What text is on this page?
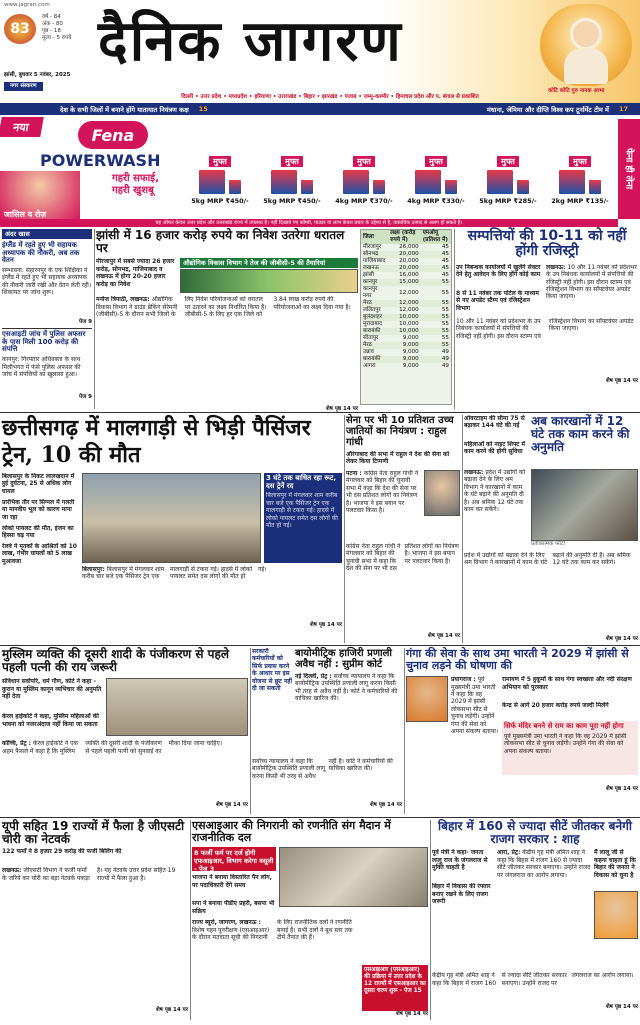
www.jagran.com
83
वर्ष - 84
अंक - 80
पृष्ठ - 18
मूल्य - 5 रुपये
झांसी, बुधवार 5 नवंबर, 2025
नगर संस्करण
दैनिक जागरण
कोटि कोटि गुरु नानक आभा
दिल्ली • उत्तर प्रदेश • मध्यप्रदेश • हरियाणा • उत्तराखंड • बिहार • झारखंड • पंजाब • जम्मू-कश्मीर • हिमाचल प्रदेश और प. बंगाल से प्रकाशित
देश के सभी जिलों में बनाने होंगे यातायात नियंत्रण कक्ष 15	मंधाना, जेमिमा और दीप्ति विश्व कप टूर्नामेंट टीम में 17
नया	Fena
POWERWASH
जासिल व रोज़
गहरी सफाई,
गहरी खुशबू
मुफ्त
5kg MRP ₹450/-
मुफ्त
5kg MRP ₹450/-
मुफ्त
4kg MRP ₹370/-
मुफ्त
4kg MRP ₹330/-
मुफ्त
5kg MRP ₹285/-
मुफ्त
2kg MRP ₹135/-
फेना ही लेना
यह ऑफर केवल उत्तर प्रदेश और उत्तराखंड राज्य में उपलब्ध है। नहीं दिखाये गए कॉम्बो, पाउडर या लाभ केवल प्रचार के उद्देश्य से है, वास्तविक उत्पाद से अलग हो सकते है।
अंदर खास
इंग्लैंड में रहते हुए भी सहायक अध्यापक की नौकरी, अब तक वेतन
सम्भावना: सहारनपुर के एक शिक्षिका ने इंग्लैंड में रहते हुए भी सहायक अध्यापक की नौकरी जारी रखी और वेतन लेती रही। शिकायत पर जांच शुरू।
पेज 9
एसआइटी जांच में पुलिस अफसर के पास मिली 100 करोड़ की संपत्ति
कानपुर: गिरफ्तार अधिवक्ता के साथ मिलीभगत में फंसे पुलिस अफसर की जांच में संपत्तियों का खुलासा हुआ।
पेज 9
झांसी में 16 हजार करोड़ रुपये का निवेश उतरेगा धरातल पर
मीरजापुर में सबसे ज्यादा 26 हजार करोड़, सोनभद्र, गाजियाबाद व लखनऊ में होगा 20-20 हजार करोड़ का निवेश
औद्योगिक विकास विभाग ने तेज की जीबीसी-5 की तैयारियां
मनोज त्रिपाठी, लखनऊ: औद्योगिक विकास विभाग ने ग्राउंड ब्रेकिंग सेरेमनी (जीबीसी)-5 के दौरान सभी जिलों के लिए निवेश परियोजनाओं को धरातल पर उतारने का लक्ष्य निर्धारित किया है। जीबीसी-5 के लिए हर एक जिले को 3.84 लाख करोड़ रुपये की परियोजनाओं का लक्ष्य दिया गया है।
शेष पृष्ठ 14 पर
जिला	लक्ष्य (करोड़ रुपये में)	एमओयू (प्रतिशत में)
मीरजापुर	26,000	45
सोनभद्र	20,000	45
गाजियाबाद	20,000	45
लखनऊ	20,000	45
झांसी	16,000	45
कानपुर	15,000	55
कानपुर नगर	12,000	55
मेरठ	12,000	55
ललितपुर	12,000	55
बुलंदशहर	10,000	55
मुरादाबाद	10,000	55
बाराबंकी	10,000	55
सीतापुर	9,000	55
मेरठ	9,000	55
उन्नाव	9,000	49
बाराबंकी	9,000	49
आगरा	9,000	49
सम्पत्तियों की 10-11 को नहीं होंगी रजिस्ट्री
उप निबन्धक कार्यालयों में खुलेंगे सेक्टर देने हेतु आवेदन के लिए होंगे कोई काम
8 से 11 नवंबर तक पोर्टल के माध्यम से नए अपडेट स्टैम्प एवं रजिस्ट्रेशन विभाग
लखनऊ: 10 और 11 नवंबर को प्रदेशभर के उप निबंधक कार्यालयों में संपत्तियों की रजिस्ट्री नहीं होगी। इस दौरान स्टाम्प एवं रजिस्ट्रेशन विभाग का सॉफ्टवेयर अपडेट किया जाएगा।
10 और 11 नवंबर को प्रदेशभर के उप निबंधक कार्यालयों में संपत्तियों की रजिस्ट्री नहीं होगी। इस दौरान स्टाम्प एवं रजिस्ट्रेशन विभाग का सॉफ्टवेयर अपडेट किया जाएगा।
शेष पृष्ठ 14 पर
छत्तीसगढ़ में मालगाड़ी से भिड़ी पैसिंजर ट्रेन, 10 की मौत
बिलासपुर के निकट लालखदान में हुई दुर्घटना, 25 से अधिक लोग घायल
प्रारंभिक तौर पर सिग्नल में गलती या मानवीय भूल को कारण माना जा रहा
लोको पायलट की मौत, इंजन का हिस्सा चढ़ गया
रेलवे ने मृतकों के आश्रितों को 10 लाख, गंभीर घायलों को 5 लाख मुआवजा
3 घंटे तक बाधित रहा रूट, दस ट्रेनें रद
बिलासपुर में मंगलवार शाम करीब चार बजे एक पैसिंजर ट्रेन एक मालगाड़ी से टकरा गई। हादसे में लोको पायलट समेत दस लोगों की मौत हो गई।
बिलासपुर: बिलासपुर में मंगलवार शाम करीब चार बजे एक पैसिंजर ट्रेन एक मालगाड़ी से टकरा गई। हादसे में लोको पायलट समेत दस लोगों की मौत हो गई।
शेष पृष्ठ 14 पर
सेना पर भी 10 प्रतिशत उच्च जातियों का नियंत्रण : राहुल गांधी
औरंगाबाद की सभा में राहुल ने देश की सेना को लेकर किया टिप्पणी
पटना : कांग्रेस नेता राहुल गांधी ने मंगलवार को बिहार की चुनावी सभा में कहा कि देश की सेना पर भी दस प्रतिशत लोगों का नियंत्रण है। भाजपा ने इस बयान पर पलटवार किया है।
कांग्रेस नेता राहुल गांधी ने मंगलवार को बिहार की चुनावी सभा में कहा कि देश की सेना पर भी दस प्रतिशत लोगों का नियंत्रण है। भाजपा ने इस बयान पर पलटवार किया है।
शेष पृष्ठ 14 पर
ओवरटाइम की सीमा 75 से बढ़ाकर 144 घंटे की गई
महिलाओं को नाइट शिफ्ट में काम करने की होगी सुविधा
अब कारखानों में 12 घंटे तक काम करने की अनुमति
लखनऊ: प्रदेश में उद्योगों को बढ़ावा देने के लिए श्रम विभाग ने कारखानों में काम के घंटे बढ़ाने की अनुमति दी है। अब श्रमिक 12 घंटे तक काम कर सकेंगे।
प्रतीकात्मक फोटो
प्रदेश में उद्योगों को बढ़ावा देने के लिए श्रम विभाग ने कारखानों में काम के घंटे बढ़ाने की अनुमति दी है। अब श्रमिक 12 घंटे तक काम कर सकेंगे।
शेष पृष्ठ 14 पर
मुस्लिम व्यक्ति की दूसरी शादी के पंजीकरण से पहले पहली पत्नी की राय जरूरी
संविधान सर्वोपरि, धर्म गौण, कोर्ट ने कहा - कुरान या मुस्लिम कानून व्यभिचार की अनुमति नहीं देता
केरल हाईकोर्ट ने कहा, मुस्लिम महिलाओं की भावना को नजरअंदाज नहीं किया जा सकता
कोच्चि, प्रेट्र : केरल हाईकोर्ट ने एक अहम फैसले में कहा है कि मुस्लिम व्यक्ति की दूसरी शादी के पंजीकरण से पहले पहली पत्नी को सुनवाई का मौका दिया जाना चाहिए।
शेष पृष्ठ 14 पर
सरकारी कर्मचारियों को सिर्फ प्रवास करने के आधार पर इस योजना से छूट नहीं दी जा सकती
बायोमीट्रिक हाजिरी प्रणाली अवैध नहीं : सुप्रीम कोर्ट
नई दिल्ली, प्रेट्र : सर्वोच्च न्यायालय ने कहा कि बायोमीट्रिक उपस्थिति प्रणाली लागू करना किसी भी तरह से अवैध नहीं है। कोर्ट ने कर्मचारियों की याचिका खारिज की।
सर्वोच्च न्यायालय ने कहा कि बायोमीट्रिक उपस्थिति प्रणाली लागू करना किसी भी तरह से अवैध नहीं है। कोर्ट ने कर्मचारियों की याचिका खारिज की।
शेष पृष्ठ 14 पर
गंगा की सेवा के साथ उमा भारती ने 2029 में झांसी से चुनाव लड़ने की घोषणा की
प्रयागराज : पूर्व मुख्यमंत्री उमा भारती ने कहा कि वह 2029 में झांसी लोकसभा सीट से चुनाव लड़ेंगी। उन्होंने गंगा की सेवा को अपना संकल्प बताया।
रामायण में 5 हुकूमों के साथ गंगा स्वच्छता और नदी संरक्षण अभियान को पुरस्कार
केन्द्र से आगे 20 हजार करोड़ रुपये जल्दी मिलेंगे
सिर्फ मंदिर बनने से राम का काम पूरा नहीं होगा
पूर्व मुख्यमंत्री उमा भारती ने कहा कि वह 2029 में झांसी लोकसभा सीट से चुनाव लड़ेंगी। उन्होंने गंगा की सेवा को अपना संकल्प बताया।
शेष पृष्ठ 14 पर
यूपी सहित 19 राज्यों में फैला है जीएसटी चोरी का नेटवर्क
122 फर्मों ने 8 हजार 29 करोड़ की फर्जी बिलिंग की
लखनऊ: जीएसटी विभाग ने फर्जी फर्मों के जरिये कर चोरी का बड़ा नेटवर्क पकड़ा है। यह नेटवर्क उत्तर प्रदेश सहित 19 राज्यों में फैला हुआ है।
शेष पृष्ठ 14 पर
एसआइआर की निगरानी को रणनीति संग मैदान में राजनीतिक दल
8 फर्जी फर्म पर दर्ज होगी एफआइआर, विभाग करेगा वसूली - पेज 3
भाजपा ने बनाया विस्तारित पैन लोग, पर पदाधिकारी देंगे समय
सपा ने बनाया पीडीए प्रहरी, बसपा भी सक्रिय
राज्य ब्यूरो, जागरण, लखनऊ : विशेष गहन पुनरीक्षण (एसआइआर) के दौरान मतदाता सूची की निगरानी के लिए राजनीतिक दलों ने रणनीति बनाई है। सभी दलों ने बूथ स्तर तक टीमें तैनात की हैं।
एसआइआर (एसआइआर) की प्रक्रिया में उत्तर प्रदेश के 12 राज्यों में एसआइआर का दूसरा चरण शुरू - पेज 15
शेष पृष्ठ 14 पर
बिहार में 160 से ज्यादा सीटें जीतकर बनेगी राजग सरकार : शाह
पूर्व मंत्री ने कहा- जनता लालू राज के जंगलराज से मुक्ति चाहती है
बिहार में विकास की रफ्तार बनाए रखने के लिए राजग जरूरी
आरा, प्रेट्र: केंद्रीय गृह मंत्री अमित शाह ने कहा कि बिहार में राजग 160 से ज्यादा सीटें जीतकर सरकार बनाएगा। उन्होंने राजद पर जंगलराज का आरोप लगाया।
मैं लालू जी से कहना चाहता हूं कि बिहार की जनता ने विकास को चुना है
केंद्रीय गृह मंत्री अमित शाह ने कहा कि बिहार में राजग 160 से ज्यादा सीटें जीतकर सरकार बनाएगा। उन्होंने राजद पर जंगलराज का आरोप लगाया।
शेष पृष्ठ 14 पर
